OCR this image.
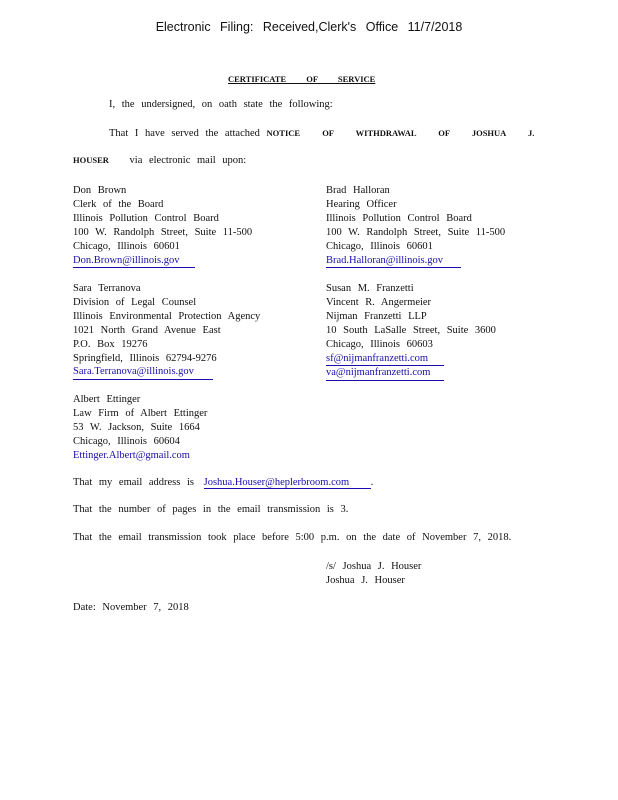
Electronic Filing: Received,Clerk's Office 11/7/2018
CERTIFICATE OF SERVICE
I, the undersigned, on oath state the following:
That I have served the attached NOTICE OF WITHDRAWAL OF JOSHUA J.
HOUSER via electronic mail upon:
Don Brown
Clerk of the Board
Illinois Pollution Control Board
100 W. Randolph Street, Suite 11-500
Chicago, Illinois 60601
Don.Brown@illinois.gov
Brad Halloran
Hearing Officer
Illinois Pollution Control Board
100 W. Randolph Street, Suite 11-500
Chicago, Illinois 60601
Brad.Halloran@illinois.gov
Sara Terranova
Division of Legal Counsel
Illinois Environmental Protection Agency
1021 North Grand Avenue East
P.O. Box 19276
Springfield, Illinois 62794-9276
Sara.Terranova@illinois.gov
Susan M. Franzetti
Vincent R. Angermeier
Nijman Franzetti LLP
10 South LaSalle Street, Suite 3600
Chicago, Illinois 60603
sf@nijmanfranzetti.com
va@nijmanfranzetti.com
Albert Ettinger
Law Firm of Albert Ettinger
53 W. Jackson, Suite 1664
Chicago, Illinois 60604
Ettinger.Albert@gmail.com
That my email address is Joshua.Houser@heplerbroom.com .
That the number of pages in the email transmission is 3.
That the email transmission took place before 5:00 p.m. on the date of November 7, 2018.
/s/ Joshua J. Houser
Joshua J. Houser
Date: November 7, 2018
